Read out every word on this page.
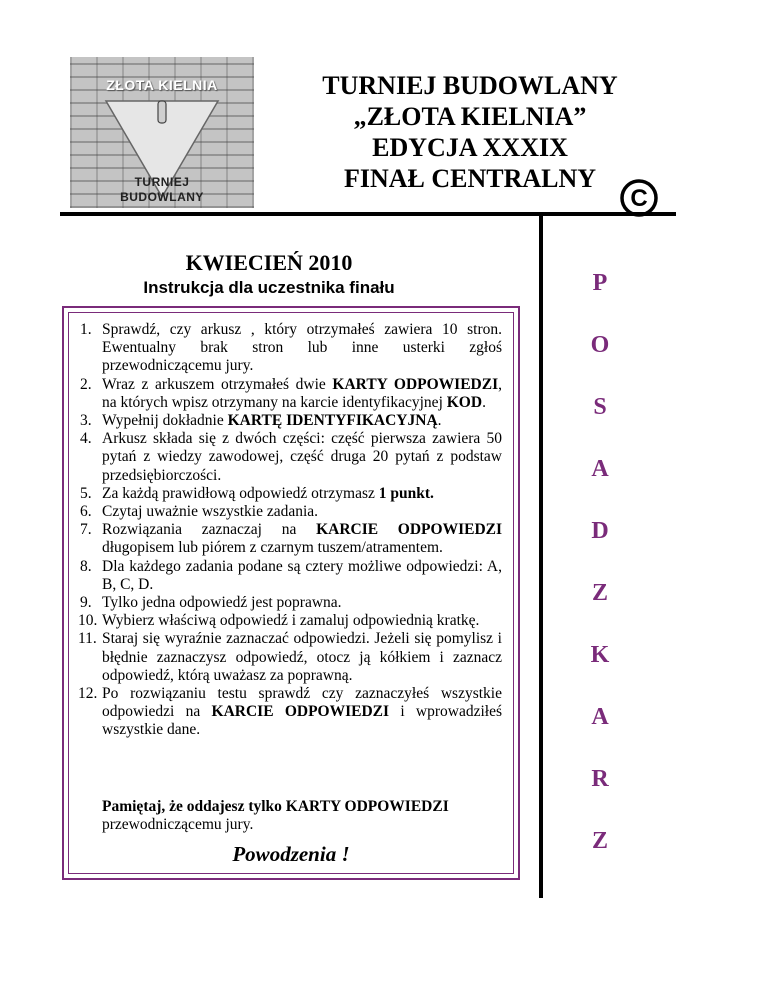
ZŁOTA KIELNIA
TURNIEJ
BUDOWLANY
TURNIEJ BUDOWLANY
„ZŁOTA KIELNIA”
EDYCJA XXXIX
FINAŁ CENTRALNY
C
KWIECIEŃ 2010
Instrukcja dla uczestnika finału
1. Sprawdź, czy arkusz , który otrzymałeś zawiera 10 stron. Ewentualny brak stron lub inne usterki zgłoś przewodniczącemu jury.
2. Wraz z arkuszem otrzymałeś dwie KARTY ODPOWIEDZI, na których wpisz otrzymany na karcie identyfikacyjnej KOD.
3. Wypełnij dokładnie KARTĘ IDENTYFIKACYJNĄ.
4. Arkusz składa się z dwóch części: część pierwsza zawiera 50 pytań z wiedzy zawodowej, część druga 20 pytań z podstaw przedsiębiorczości.
5. Za każdą prawidłową odpowiedź otrzymasz 1 punkt.
6. Czytaj uważnie wszystkie zadania.
7. Rozwiązania zaznaczaj na KARCIE ODPOWIEDZI długopisem lub piórem z czarnym tuszem/atramentem.
8. Dla każdego zadania podane są cztery możliwe odpowiedzi: A, B, C, D.
9. Tylko jedna odpowiedź jest poprawna.
10. Wybierz właściwą odpowiedź i zamaluj odpowiednią kratkę.
11. Staraj się wyraźnie zaznaczać odpowiedzi. Jeżeli się pomylisz i błędnie zaznaczysz odpowiedź, otocz ją kółkiem i zaznacz odpowiedź, którą uważasz za poprawną.
12. Po rozwiązaniu testu sprawdź czy zaznaczyłeś wszystkie odpowiedzi na KARCIE ODPOWIEDZI i wprowadziłeś wszystkie dane.
Pamiętaj, że oddajesz tylko KARTY ODPOWIEDZI
przewodniczącemu jury.
Powodzenia !
P
O
S
A
D
Z
K
A
R
Z
